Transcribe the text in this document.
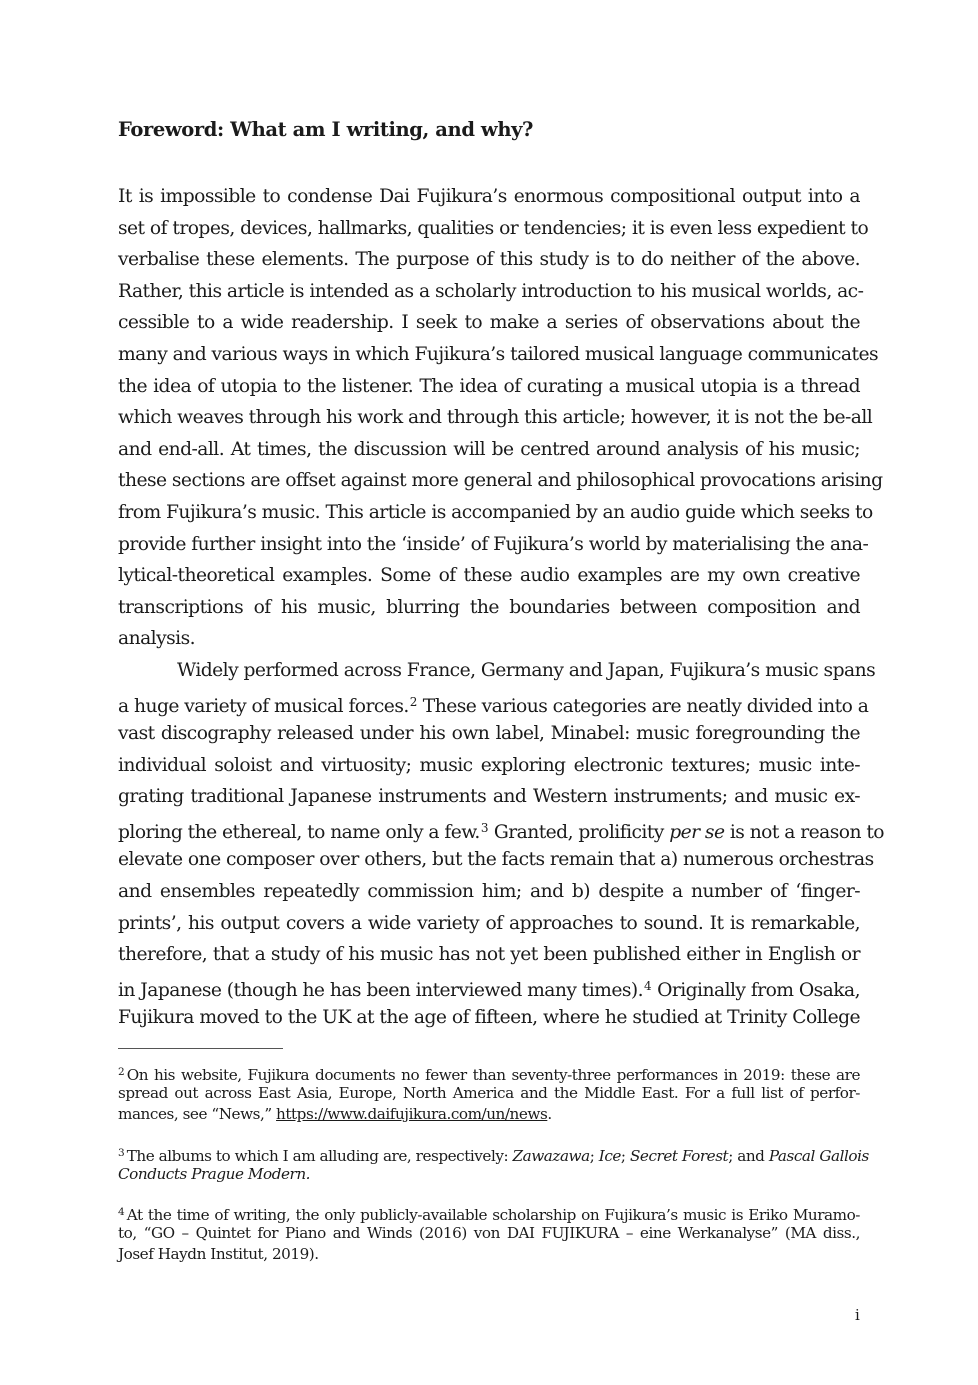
Foreword: What am I writing, and why?
It is impossible to condense Dai Fujikura’s enormous compositional output into a
set of tropes, devices, hallmarks, qualities or tendencies; it is even less expedient to
verbalise these elements. The purpose of this study is to do neither of the above.
Rather, this article is intended as a scholarly introduction to his musical worlds, ac-
cessible to a wide readership. I seek to make a series of observations about the
many and various ways in which Fujikura’s tailored musical language communicates
the idea of utopia to the listener. The idea of curating a musical utopia is a thread
which weaves through his work and through this article; however, it is not the be-all
and end-all. At times, the discussion will be centred around analysis of his music;
these sections are offset against more general and philosophical provocations arising
from Fujikura’s music. This article is accompanied by an audio guide which seeks to
provide further insight into the ‘inside’ of Fujikura’s world by materialising the ana-
lytical-theoretical examples. Some of these audio examples are my own creative
transcriptions of his music, blurring the boundaries between composition and
analysis.
Widely performed across France, Germany and Japan, Fujikura’s music spans
a huge variety of musical forces.$^2$ These various categories are neatly divided into a
vast discography released under his own label, Minabel: music foregrounding the
individual soloist and virtuosity; music exploring electronic textures; music inte-
grating traditional Japanese instruments and Western instruments; and music ex-
ploring the ethereal, to name only a few.$^3$ Granted, prolificity per se is not a reason to
elevate one composer over others, but the facts remain that a) numerous orchestras
and ensembles repeatedly commission him; and b) despite a number of ‘finger-
prints’, his output covers a wide variety of approaches to sound. It is remarkable,
therefore, that a study of his music has not yet been published either in English or
in Japanese (though he has been interviewed many times).$^4$ Originally from Osaka,
Fujikura moved to the UK at the age of fifteen, where he studied at Trinity College
$^2$ On his website, Fujikura documents no fewer than seventy-three performances in 2019: these are
spread out across East Asia, Europe, North America and the Middle East. For a full list of perfor-
mances, see “News,” https://www.daifujikura.com/un/news.
$^3$ The albums to which I am alluding are, respectively: Zawazawa; Ice; Secret Forest; and Pascal Gallois
Conducts Prague Modern.
$^4$ At the time of writing, the only publicly-available scholarship on Fujikura’s music is Eriko Muramo-
to, “GO – Quintet for Piano and Winds (2016) von DAI FUJIKURA – eine Werkanalyse” (MA diss.,
Josef Haydn Institut, 2019).
i
